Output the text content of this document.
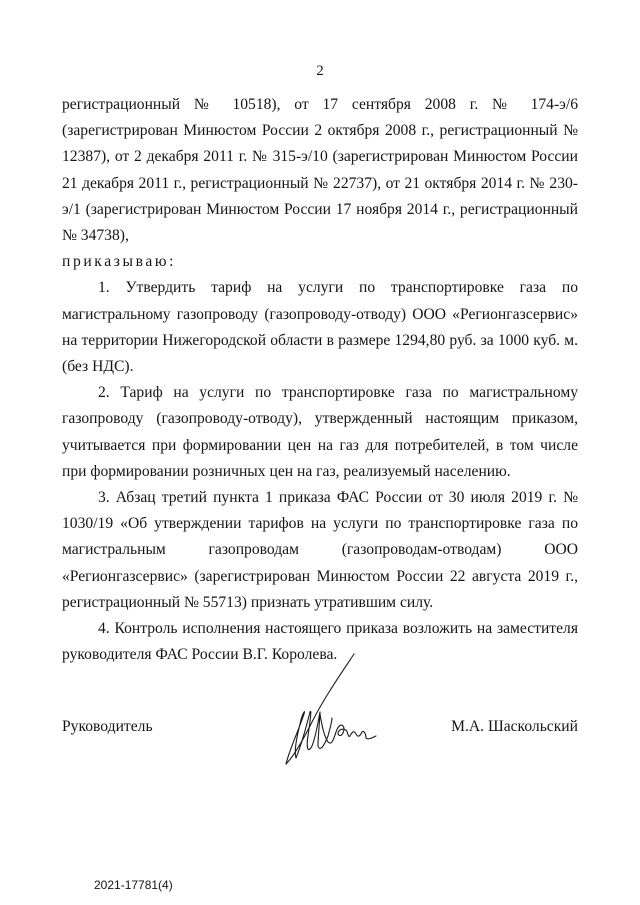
2

регистрационный № 10518), от 17 сентября 2008 г. № 174-э/6 (зарегистрирован Минюстом России 2 октября 2008 г., регистрационный № 12387), от 2 декабря 2011 г. № 315-э/10 (зарегистрирован Минюстом России 21 декабря 2011 г., регистрационный № 22737), от 21 октября 2014 г. № 230-э/1 (зарегистрирован Минюстом России 17 ноября 2014 г., регистрационный № 34738),

приказываю:

1. Утвердить тариф на услуги по транспортировке газа по магистральному газопроводу (газопроводу-отводу) ООО «Регионгазсервис» на территории Нижегородской области в размере 1294,80 руб. за 1000 куб. м. (без НДС).

2. Тариф на услуги по транспортировке газа по магистральному газопроводу (газопроводу-отводу), утвержденный настоящим приказом, учитывается при формировании цен на газ для потребителей, в том числе при формировании розничных цен на газ, реализуемый населению.

3. Абзац третий пункта 1 приказа ФАС России от 30 июля 2019 г. № 1030/19 «Об утверждении тарифов на услуги по транспортировке газа по магистральным газопроводам (газопроводам-отводам) ООО «Регионгазсервис» (зарегистрирован Минюстом России 22 августа 2019 г., регистрационный № 55713) признать утратившим силу.

4. Контроль исполнения настоящего приказа возложить на заместителя руководителя ФАС России В.Г. Королева.

Руководитель	М.А. Шаскольский
2021-17781(4)
